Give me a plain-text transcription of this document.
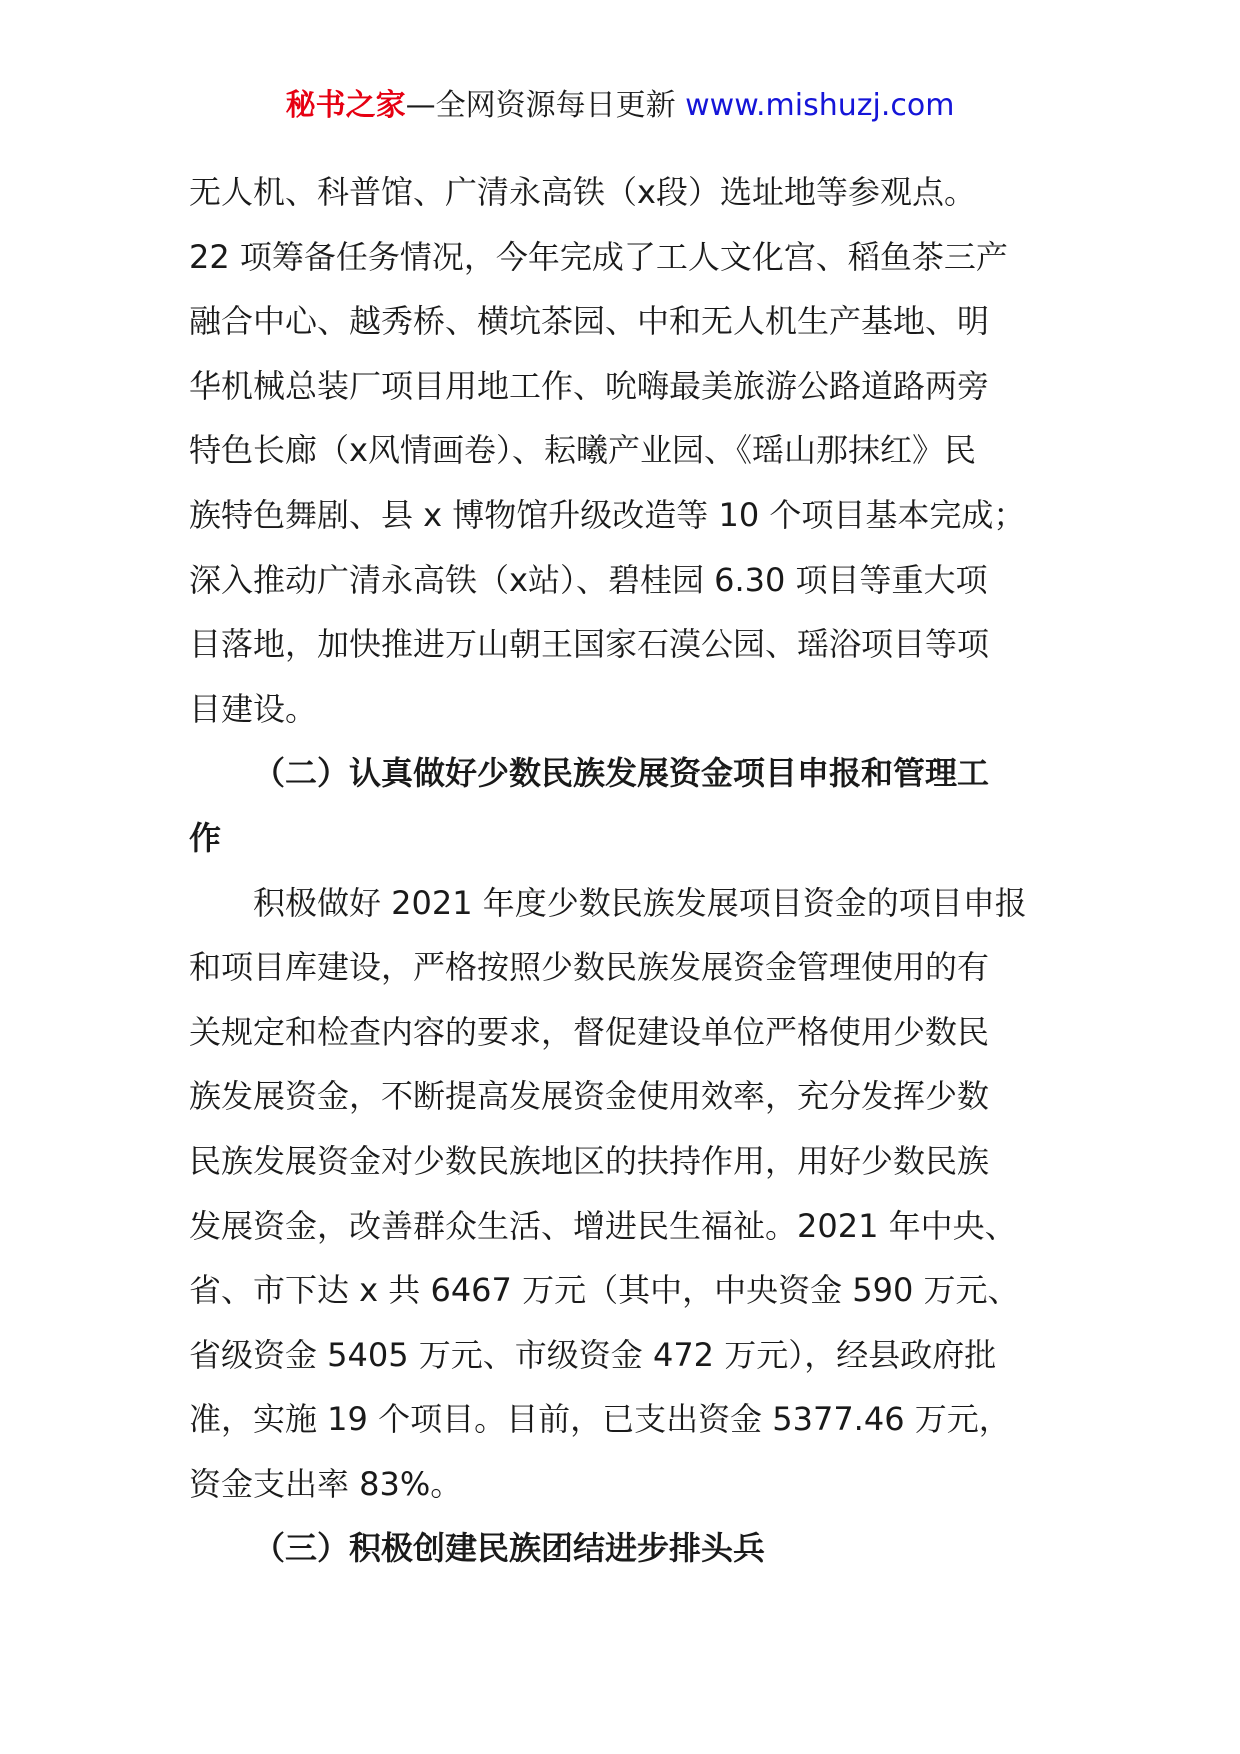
秘书之家—全网资源每日更新 www.mishuzj.com
无人机、科普馆、广清永高铁（x段）选址地等参观点。
22 项筹备任务情况，今年完成了工人文化宫、稻鱼茶三产
融合中心、越秀桥、横坑茶园、中和无人机生产基地、明
华机械总装厂项目用地工作、吮嗨最美旅游公路道路两旁
特色长廊（x风情画卷）、耘曦产业园、《瑶山那抹红》民
族特色舞剧、县 x 博物馆升级改造等 10 个项目基本完成；
深入推动广清永高铁（x站）、碧桂园 6.30 项目等重大项
目落地，加快推进万山朝王国家石漠公园、瑶浴项目等项
目建设。
（二）认真做好少数民族发展资金项目申报和管理工
作
积极做好 2021 年度少数民族发展项目资金的项目申报
和项目库建设，严格按照少数民族发展资金管理使用的有
关规定和检查内容的要求，督促建设单位严格使用少数民
族发展资金，不断提高发展资金使用效率，充分发挥少数
民族发展资金对少数民族地区的扶持作用，用好少数民族
发展资金，改善群众生活、增进民生福祉。2021 年中央、
省、市下达 x 共 6467 万元（其中，中央资金 590 万元、
省级资金 5405 万元、市级资金 472 万元），经县政府批
准，实施 19 个项目。目前，已支出资金 5377.46 万元，
资金支出率 83%。
（三）积极创建民族团结进步排头兵
